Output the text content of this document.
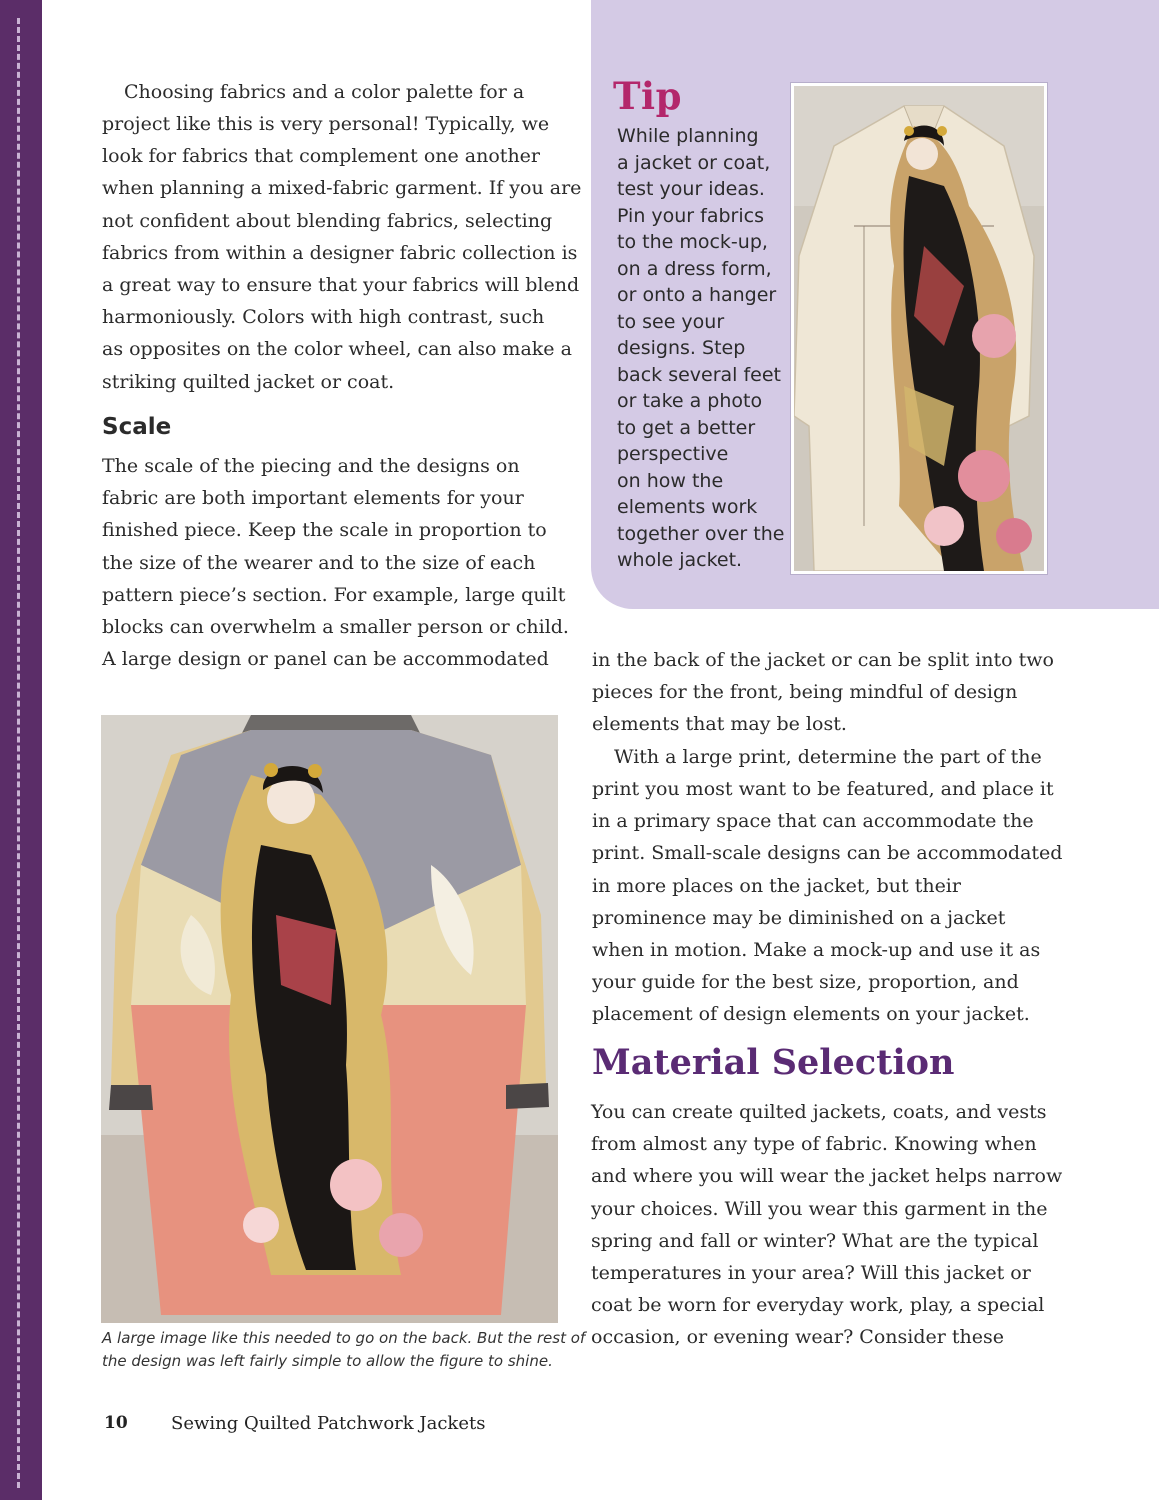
Tip

While planning
a jacket or coat,
test your ideas.
Pin your fabrics
to the mock-up,
on a dress form,
or onto a hanger
to see your
designs. Step
back several feet
or take a photo
to get a better
perspective
on how the
elements work
together over the
whole jacket.

Choosing fabrics and a color palette for a

project like this is very personal! Typically, we
look for fabrics that complement one another
when planning a mixed-fabric garment. If you are
not confident about blending fabrics, selecting
fabrics from within a designer fabric collection is
a great way to ensure that your fabrics will blend
harmoniously. Colors with high contrast, such
as opposites on the color wheel, can also make a
striking quilted jacket or coat.

Scale

The scale of the piecing and the designs on
fabric are both important elements for your
finished piece. Keep the scale in proportion to
the size of the wearer and to the size of each
pattern piece’s section. For example, large quilt
blocks can overwhelm a smaller person or child.
A large design or panel can be accommodated

A large image like this needed to go on the back. But the rest of
the design was left fairly simple to allow the figure to shine.

in the back of the jacket or can be split into two
pieces for the front, being mindful of design
elements that may be lost.

With a large print, determine the part of the

print you most want to be featured, and place it
in a primary space that can accommodate the
print. Small-scale designs can be accommodated
in more places on the jacket, but their
prominence may be diminished on a jacket
when in motion. Make a mock-up and use it as
your guide for the best size, proportion, and
placement of design elements on your jacket.

Material Selection

You can create quilted jackets, coats, and vests
from almost any type of fabric. Knowing when
and where you will wear the jacket helps narrow
your choices. Will you wear this garment in the
spring and fall or winter? What are the typical
temperatures in your area? Will this jacket or
coat be worn for everyday work, play, a special
occasion, or evening wear? Consider these

10 Sewing Quilted Patchwork Jackets
